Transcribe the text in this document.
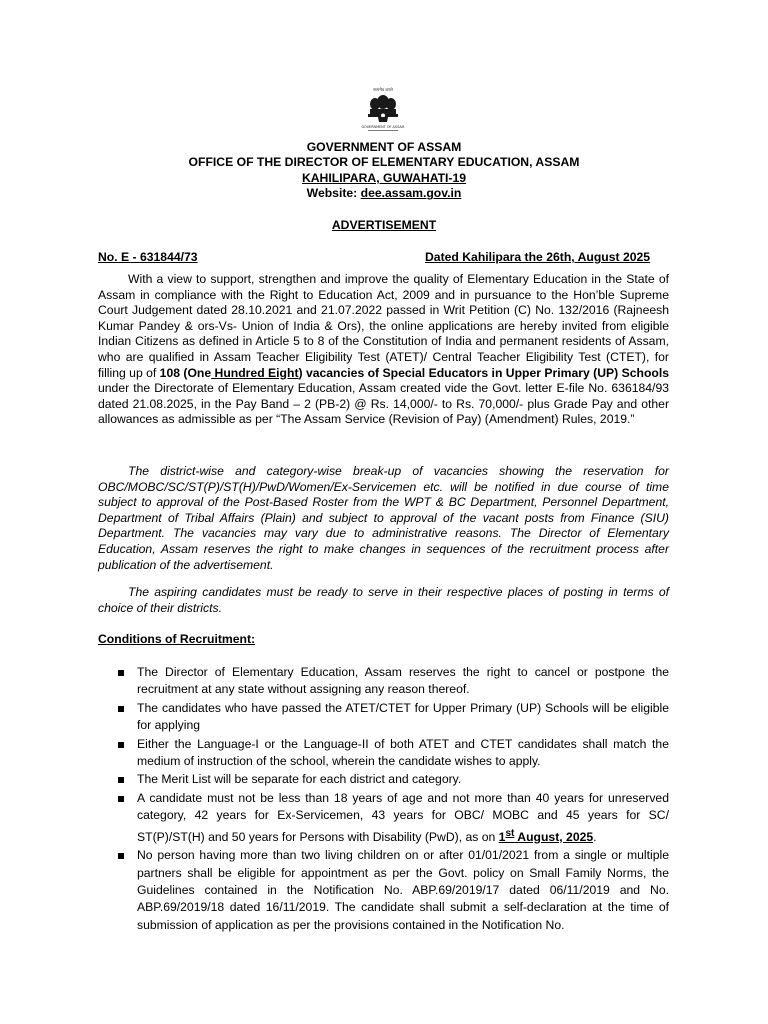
सत्यमेव जयते
GOVERNMENT OF ASSAM
GOVERNMENT OF ASSAM
OFFICE OF THE DIRECTOR OF ELEMENTARY EDUCATION, ASSAM
KAHILIPARA, GUWAHATI-19
Website: dee.assam.gov.in
ADVERTISEMENT
No. E - 631844/73	Dated Kahilipara the 26th, August 2025
With a view to support, strengthen and improve the quality of Elementary Education in the State of Assam in compliance with the Right to Education Act, 2009 and in pursuance to the Hon’ble Supreme Court Judgement dated 28.10.2021 and 21.07.2022 passed in Writ Petition (C) No. 132/2016 (Rajneesh Kumar Pandey & ors-Vs- Union of India & Ors), the online applications are hereby invited from eligible Indian Citizens as defined in Article 5 to 8 of the Constitution of India and permanent residents of Assam, who are qualified in Assam Teacher Eligibility Test (ATET)/ Central Teacher Eligibility Test (CTET), for filling up of 108 (One Hundred Eight) vacancies of Special Educators in Upper Primary (UP) Schools under the Directorate of Elementary Education, Assam created vide the Govt. letter E-file No. 636184/93 dated 21.08.2025, in the Pay Band – 2 (PB-2) @ Rs. 14,000/- to Rs. 70,000/- plus Grade Pay and other allowances as admissible as per “The Assam Service (Revision of Pay) (Amendment) Rules, 2019.”
The district-wise and category-wise break-up of vacancies showing the reservation for OBC/MOBC/SC/ST(P)/ST(H)/PwD/Women/Ex-Servicemen etc. will be notified in due course of time subject to approval of the Post-Based Roster from the WPT & BC Department, Personnel Department, Department of Tribal Affairs (Plain) and subject to approval of the vacant posts from Finance (SIU) Department. The vacancies may vary due to administrative reasons. The Director of Elementary Education, Assam reserves the right to make changes in sequences of the recruitment process after publication of the advertisement.
The aspiring candidates must be ready to serve in their respective places of posting in terms of choice of their districts.
Conditions of Recruitment:
The Director of Elementary Education, Assam reserves the right to cancel or postpone the recruitment at any state without assigning any reason thereof.
The candidates who have passed the ATET/CTET for Upper Primary (UP) Schools will be eligible for applying
Either the Language-I or the Language-II of both ATET and CTET candidates shall match the medium of instruction of the school, wherein the candidate wishes to apply.
The Merit List will be separate for each district and category.
A candidate must not be less than 18 years of age and not more than 40 years for unreserved category, 42 years for Ex-Servicemen, 43 years for OBC/ MOBC and 45 years for SC/ ST(P)/ST(H) and 50 years for Persons with Disability (PwD), as on 1st August, 2025.
No person having more than two living children on or after 01/01/2021 from a single or multiple partners shall be eligible for appointment as per the Govt. policy on Small Family Norms, the Guidelines contained in the Notification No. ABP.69/2019/17 dated 06/11/2019 and No. ABP.69/2019/18 dated 16/11/2019. The candidate shall submit a self-declaration at the time of submission of application as per the provisions contained in the Notification No.
